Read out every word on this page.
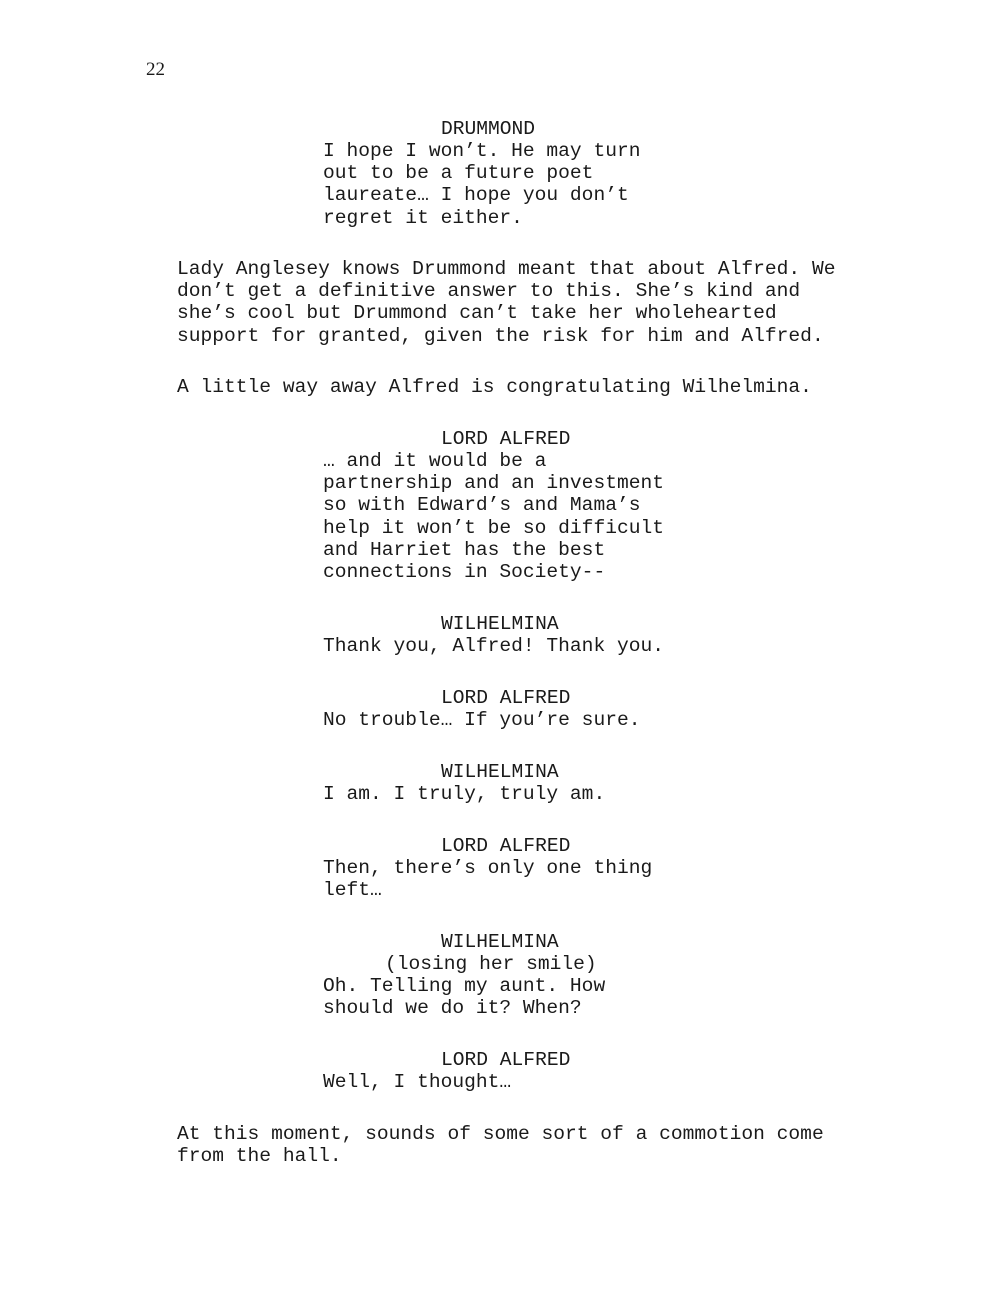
22

DRUMMOND

I hope I won’t. He may turn
out to be a future poet
laureate… I hope you don’t
regret it either.

Lady Anglesey knows Drummond meant that about Alfred. We
don’t get a definitive answer to this. She’s kind and
she’s cool but Drummond can’t take her wholehearted
support for granted, given the risk for him and Alfred.

A little way away Alfred is congratulating Wilhelmina.

LORD ALFRED

… and it would be a
partnership and an investment
so with Edward’s and Mama’s
help it won’t be so difficult
and Harriet has the best
connections in Society--

WILHELMINA

Thank you, Alfred! Thank you.

LORD ALFRED

No trouble… If you’re sure.

WILHELMINA

I am. I truly, truly am.

LORD ALFRED

Then, there’s only one thing
left…

WILHELMINA

(losing her smile)

Oh. Telling my aunt. How
should we do it? When?

LORD ALFRED

Well, I thought…

At this moment, sounds of some sort of a commotion come
from the hall.
